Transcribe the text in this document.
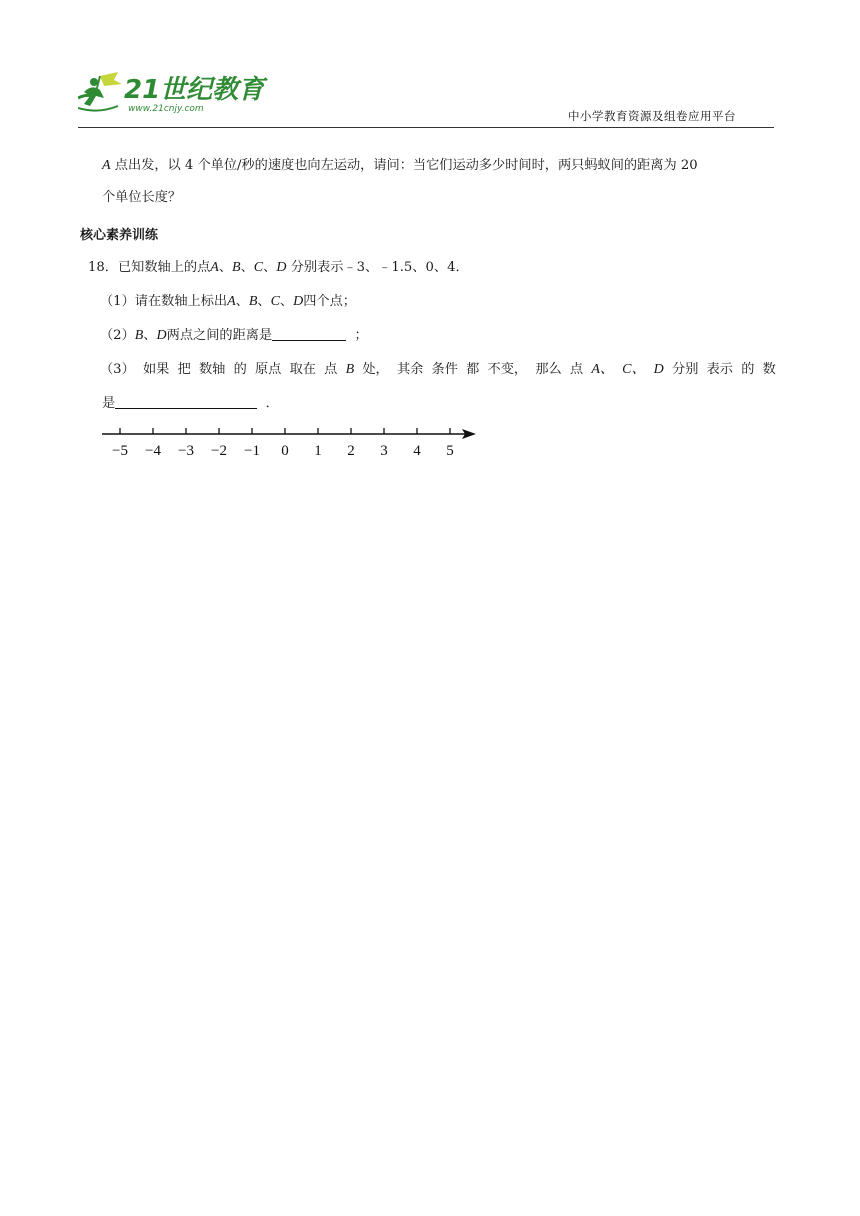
21世纪教育
www.21cnjy.com	中小学教育资源及组卷应用平台
A 点出发，以 4 个单位/秒的速度也向左运动，请问：当它们运动多少时间时，两只蚂蚁间的距离为 20
个单位长度？
核心素养训练
18．已知数轴上的点A、B、C、D 分别表示﹣3、﹣1.5、0、4．
（1）请在数轴上标出A、B、C、D四个点；
（2）B、D两点之间的距离是	；
（3） 如果 把 数轴 的 原点 取在 点 B 处， 其余 条件 都 不变， 那么 点 A、 C、 D 分别 表示 的 数
是	．
−5 −4 −3 −2 −1 0 1 2 3 4 5
